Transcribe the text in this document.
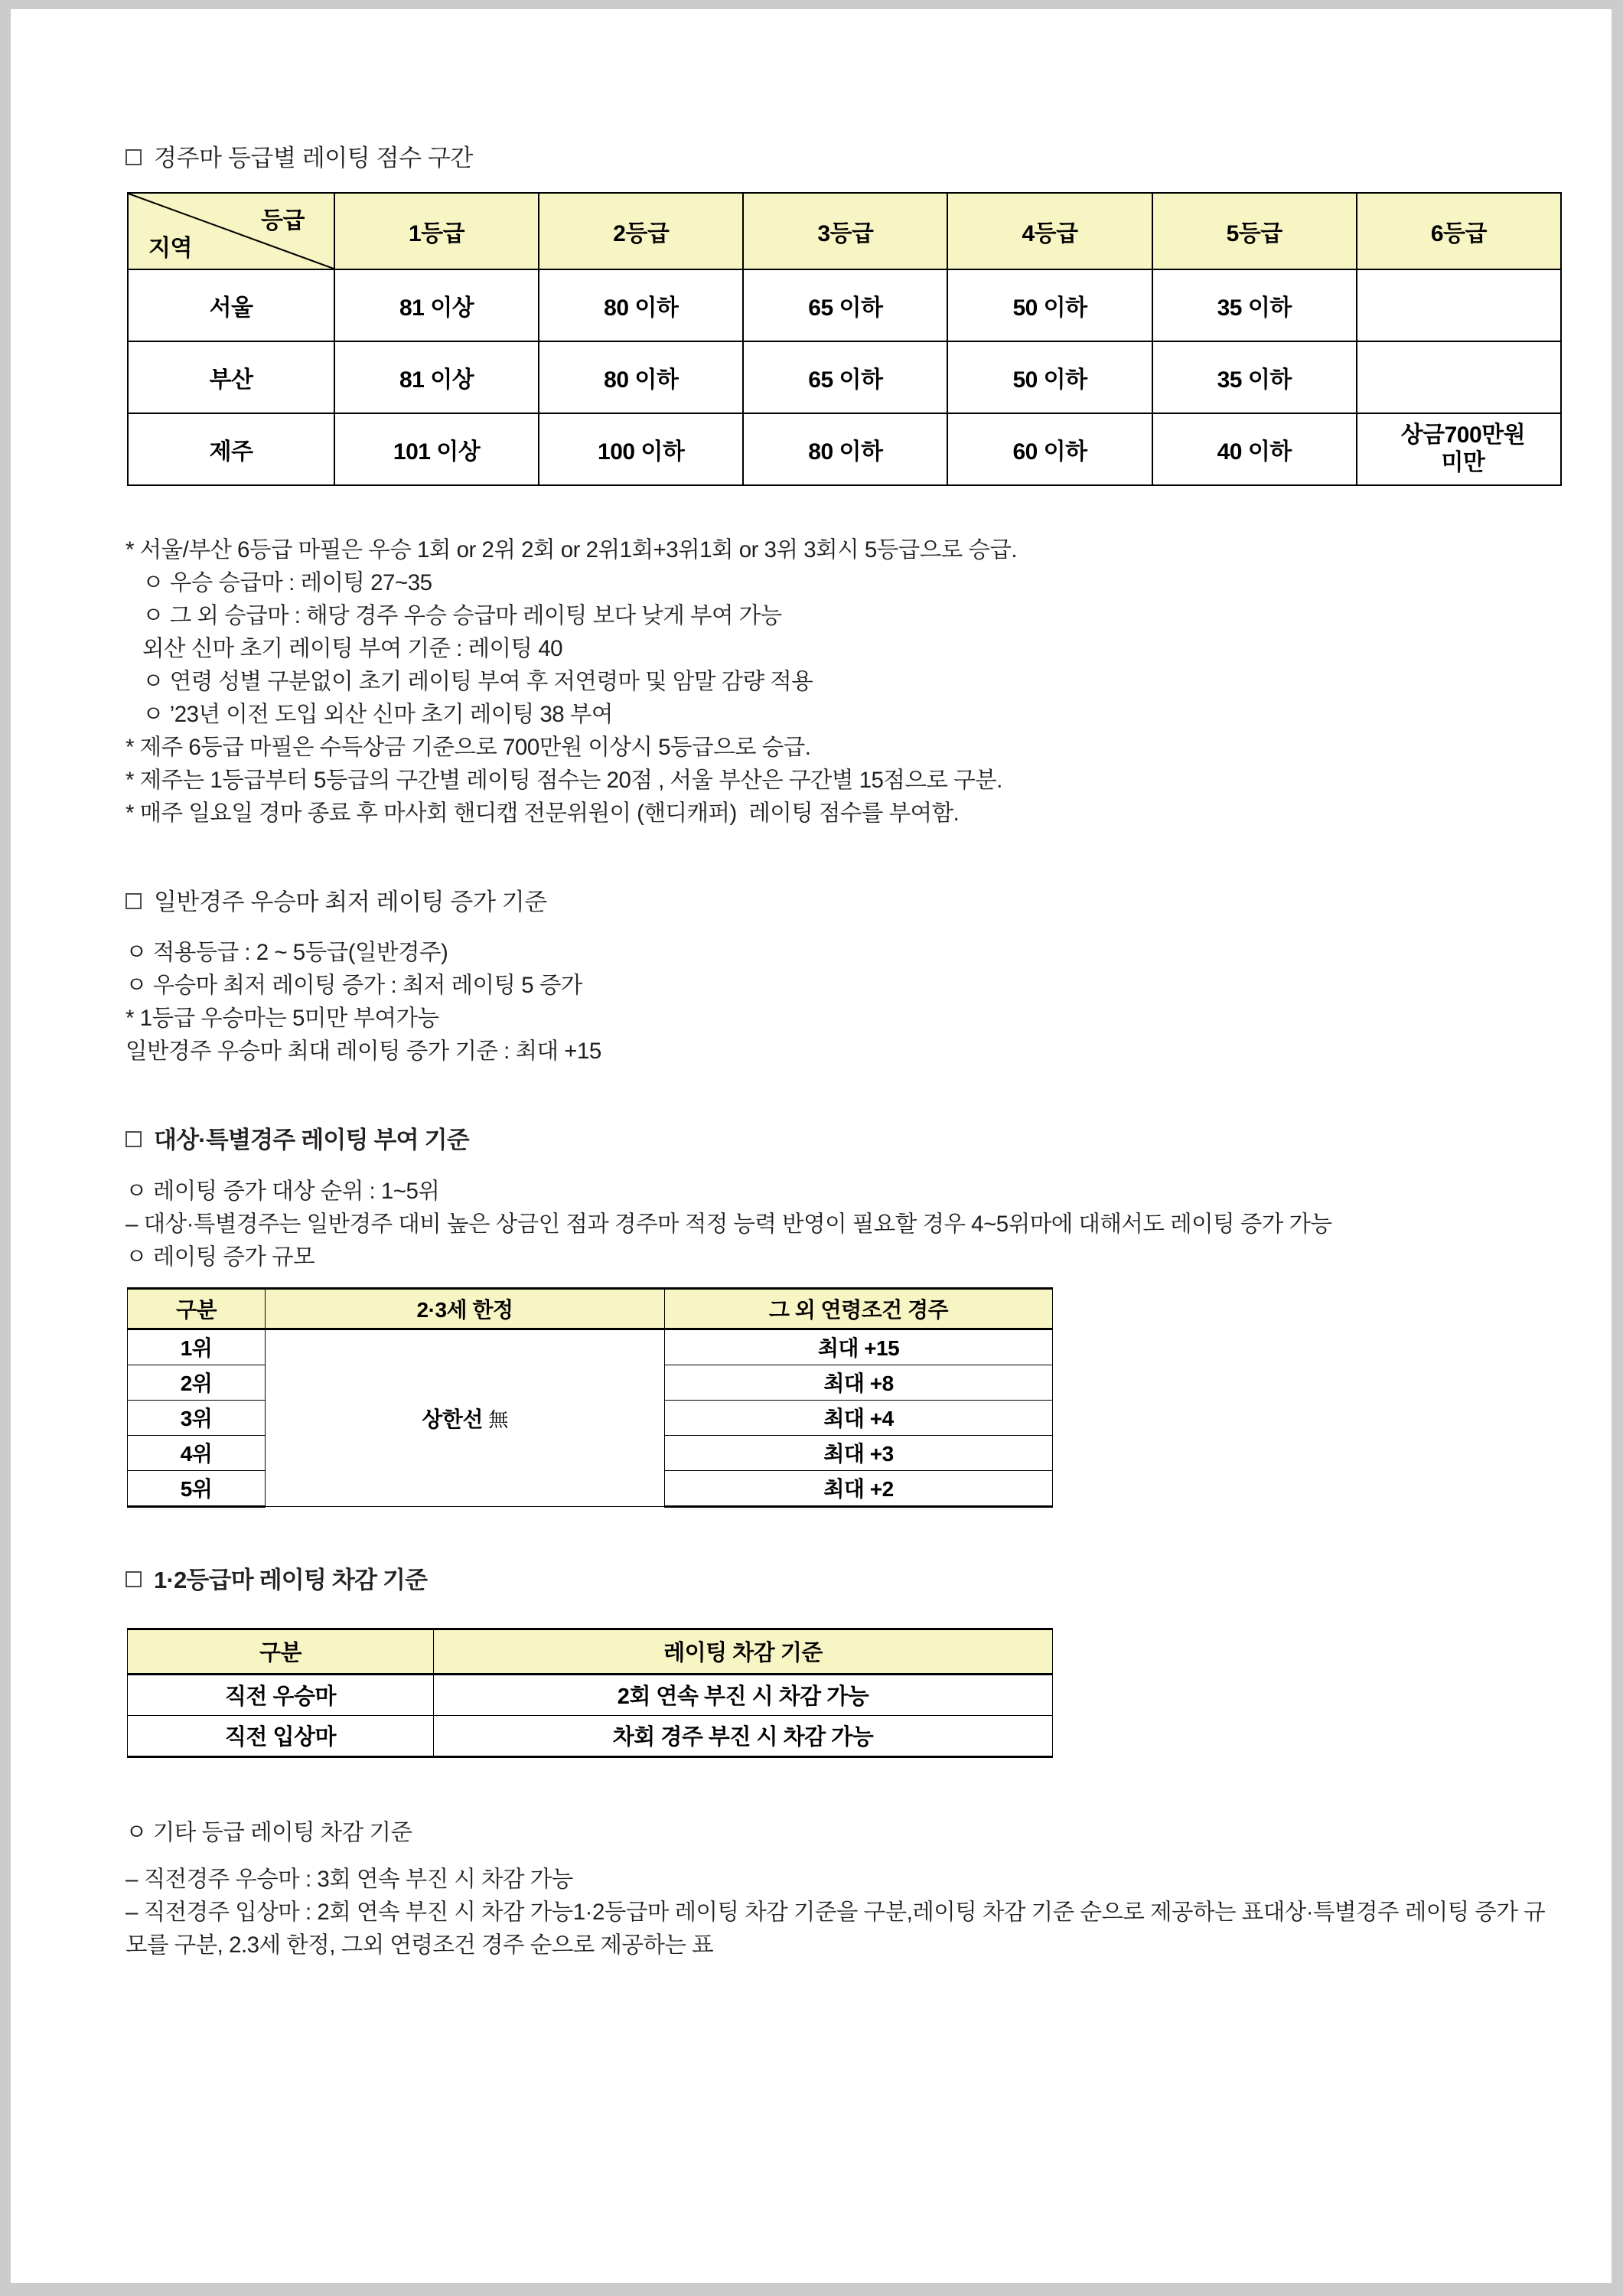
경주마 등급별 레이팅 점수 구간
등급
지역	1등급	2등급	3등급	4등급	5등급	6등급
서울	81 이상	80 이하	65 이하	50 이하	35 이하	
부산	81 이상	80 이하	65 이하	50 이하	35 이하	
제주	101 이상	100 이하	80 이하	60 이하	40 이하	상금700만원
미만

* 서울/부산 6등급 마필은 우승 1회 or 2위 2회 or 2위1회+3위1회 or 3위 3회시 5등급으로 승급.

ㅇ 우승 승급마 : 레이팅 27~35

ㅇ 그 외 승급마 : 해당 경주 우승 승급마 레이팅 보다 낮게 부여 가능

외산 신마 초기 레이팅 부여 기준 : 레이팅 40

ㅇ 연령 성별 구분없이 초기 레이팅 부여 후 저연령마 및 암말 감량 적용

ㅇ ’23년 이전 도입 외산 신마 초기 레이팅 38 부여

* 제주 6등급 마필은 수득상금 기준으로 700만원 이상시 5등급으로 승급.

* 제주는 1등급부터 5등급의 구간별 레이팅 점수는 20점 , 서울 부산은 구간별 15점으로 구분.

* 매주 일요일 경마 종료 후 마사회 핸디캡 전문위원이 (핸디캐퍼)  레이팅 점수를 부여함.

일반경주 우승마 최저 레이팅 증가 기준

ㅇ 적용등급 : 2 ~ 5등급(일반경주)

ㅇ 우승마 최저 레이팅 증가 : 최저 레이팅 5 증가

* 1등급 우승마는 5미만 부여가능

일반경주 우승마 최대 레이팅 증가 기준 : 최대 +15

대상·특별경주 레이팅 부여 기준

ㅇ 레이팅 증가 대상 순위 : 1~5위

– 대상·특별경주는 일반경주 대비 높은 상금인 점과 경주마 적정 능력 반영이 필요할 경우 4~5위마에 대해서도 레이팅 증가 가능

ㅇ 레이팅 증가 규모

구분	2·3세 한정	그 외 연령조건 경주
1위	상한선 無	최대 +15
2위		최대 +8
3위		최대 +4
4위		최대 +3
5위		최대 +2
1·2등급마 레이팅 차감 기준
구분	레이팅 차감 기준
직전 우승마	2회 연속 부진 시 차감 가능
직전 입상마	차회 경주 부진 시 차감 가능

ㅇ 기타 등급 레이팅 차감 기준

– 직전경주 우승마 : 3회 연속 부진 시 차감 가능

– 직전경주 입상마 : 2회 연속 부진 시 차감 가능1·2등급마 레이팅 차감 기준을 구분,레이팅 차감 기준 순으로 제공하는 표대상·특별경주 레이팅 증가 규모를 구분, 2.3세 한정, 그외 연령조건 경주 순으로 제공하는 표
